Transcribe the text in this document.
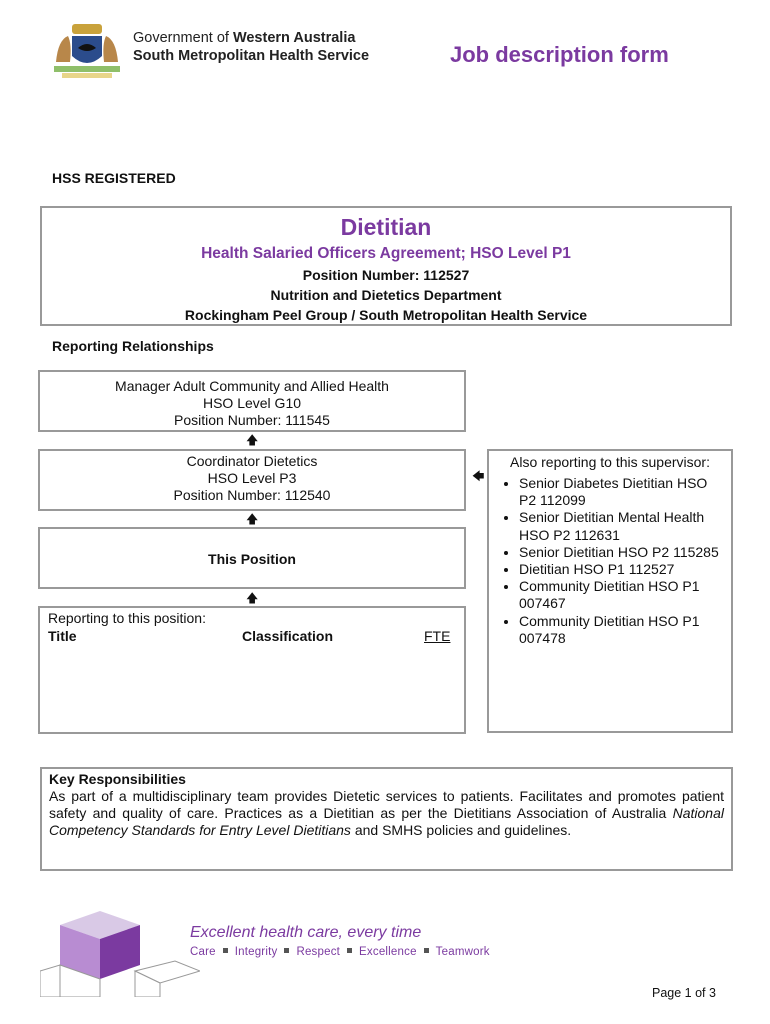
Government of Western Australia
South Metropolitan Health Service	Job description form
HSS REGISTERED
Dietitian
Health Salaried Officers Agreement; HSO Level P1
Position Number: 112527
Nutrition and Dietetics Department
Rockingham Peel Group / South Metropolitan Health Service
Reporting Relationships
Manager Adult Community and Allied Health
HSO Level G10
Position Number: 111545
🡅
Coordinator Dietetics
HSO Level P3
Position Number: 112540
🡄
🡅
This Position
🡅
Reporting to this position:
Title	Classification	FTE
Also reporting to this supervisor:
• Senior Diabetes Dietitian HSO P2 112099
• Senior Dietitian Mental Health HSO P2 112631
• Senior Dietitian HSO P2 115285
• Dietitian HSO P1 112527
• Community Dietitian HSO P1 007467
• Community Dietitian HSO P1 007478
Key Responsibilities
As part of a multidisciplinary team provides Dietetic services to patients. Facilitates and promotes patient safety and quality of care. Practices as a Dietitian as per the Dietitians Association of Australia National Competency Standards for Entry Level Dietitians and SMHS policies and guidelines.
Excellent health care, every time
Care Integrity Respect Excellence Teamwork
Page 1 of 3
